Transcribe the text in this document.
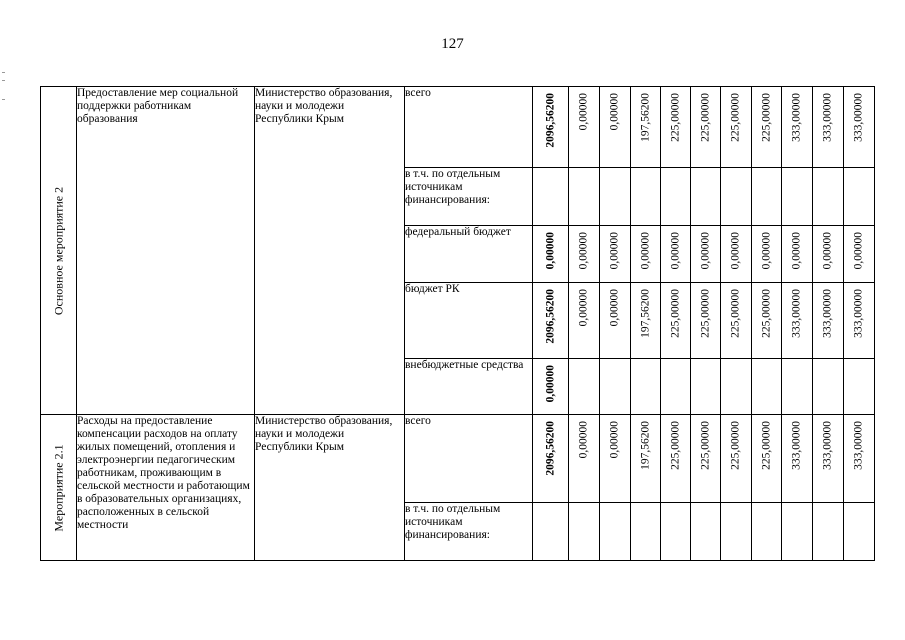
127
Основное мероприятие 2	Предоставление мер социальной поддержки работникам образования	Министерство образования, науки и молодежи Республики Крым	всего	2096,56200	0,00000	0,00000	197,56200	225,00000	225,00000	225,00000	225,00000	333,00000	333,00000	333,00000

			в т.ч. по отдельным источникам финансирования:	

			федеральный бюджет	0,00000	0,00000	0,00000	0,00000	0,00000	0,00000	0,00000	0,00000	0,00000	0,00000	0,00000

			бюджет РК	2096,56200	0,00000	0,00000	197,56200	225,00000	225,00000	225,00000	225,00000	333,00000	333,00000	333,00000

			внебюджетные средства	0,00000										

Мероприятие 2.1	Расходы на предоставление компенсации расходов на оплату жилых помещений, отопления и электроэнергии педагогическим работникам, проживающим в сельской местности и работающим в образовательных организациях, расположенных в сельской местности	Министерство образования, науки и молодежи Республики Крым	всего	2096,56200	0,00000	0,00000	197,56200	225,00000	225,00000	225,00000	225,00000	333,00000	333,00000	333,00000

			в т.ч. по отдельным источникам финансирования:	
